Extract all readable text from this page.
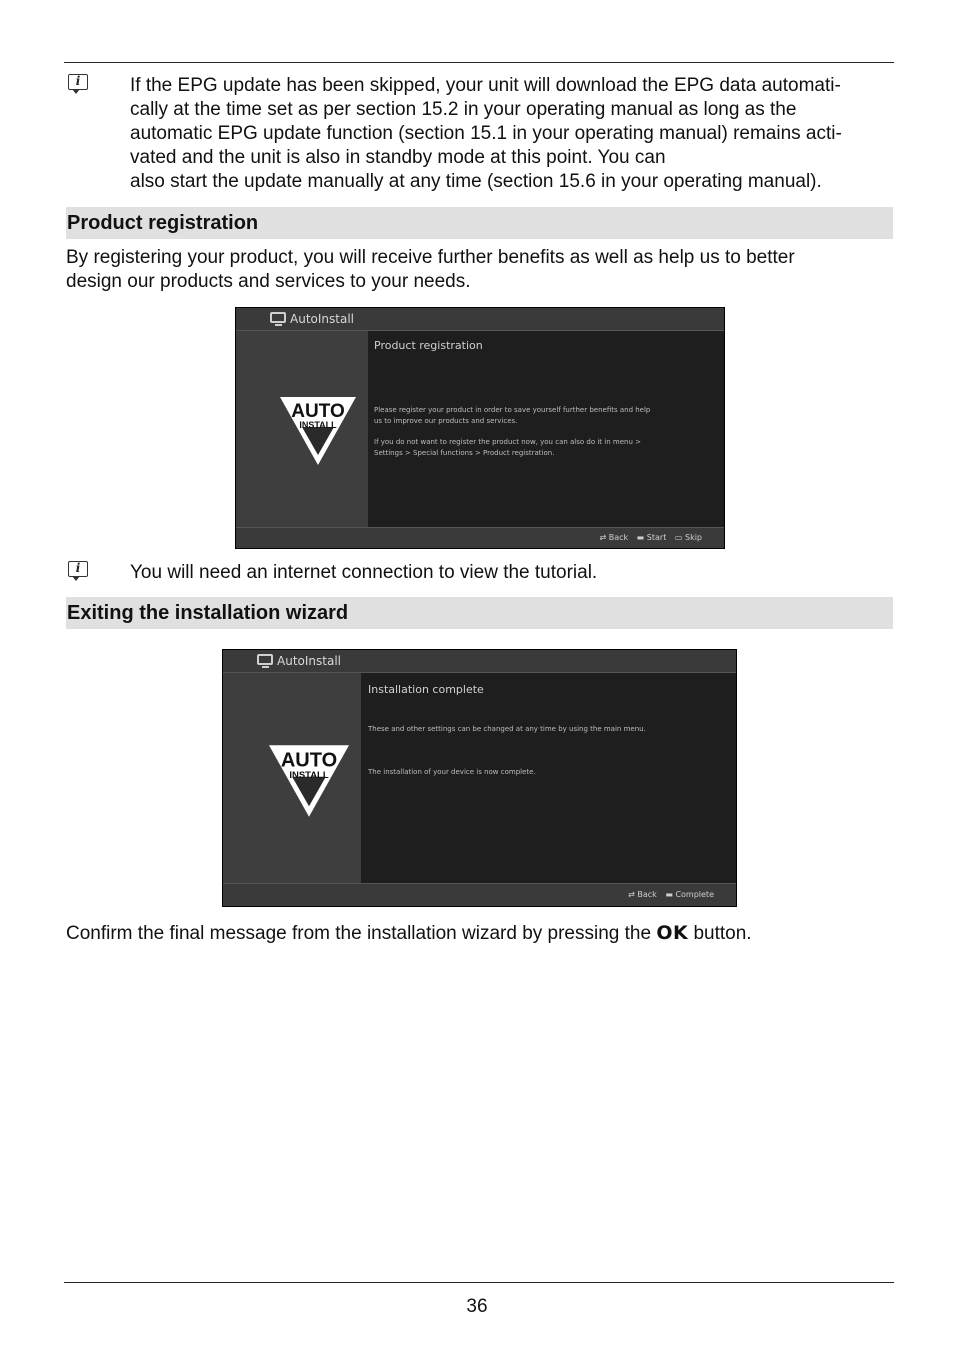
i	If the EPG update has been skipped, your unit will download the EPG data automati-
cally at the time set as per section 15.2 in your operating manual as long as the
automatic EPG update function (section 15.1 in your operating manual) remains acti-
vated and the unit is also in standby mode at this point. You can
also start the update manually at any time (section 15.6 in your operating manual).

Product registration

By registering your product, you will receive further benefits as well as help us to better
design our products and services to your needs.

AutoInstall
AUTO
INSTALL
Product registration
Please register your product in order to save yourself further benefits and help
us to improve our products and services.
If you do not want to register the product now, you can also do it in menu >
Settings > Special functions > Product registration.
⇄ Back ▬ Start ▭ Skip
i	You will need an internet connection to view the tutorial.

Exiting the installation wizard
AutoInstall
AUTO
INSTALL
Installation complete
These and other settings can be changed at any time by using the main menu.
The installation of your device is now complete.
⇄ Back ▬ Complete

Confirm the final message from the installation wizard by pressing the OK button.

36
